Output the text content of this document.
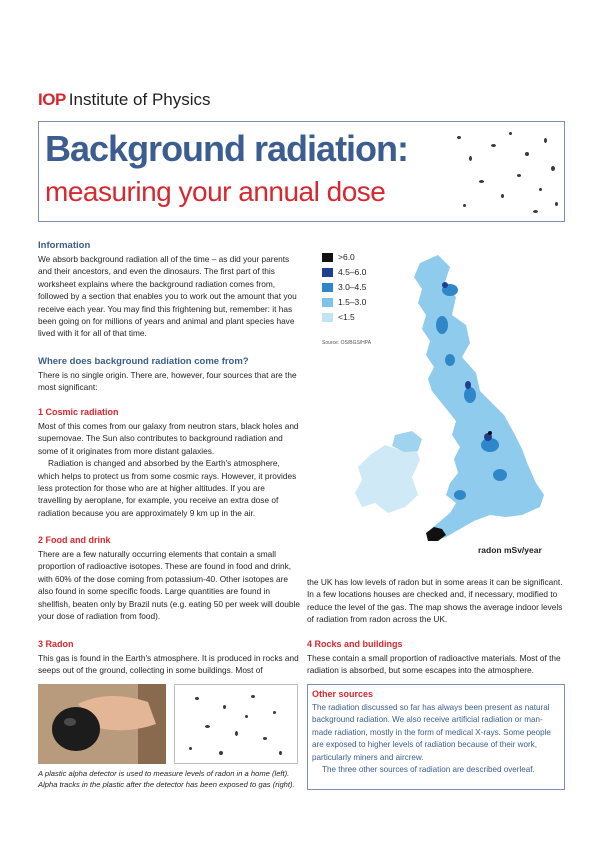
IOP Institute of Physics
Background radiation:
measuring your annual dose
Information

We absorb background radiation all of the time – as did your parents and their ancestors, and even the dinosaurs. The first part of this worksheet explains where the background radiation comes from, followed by a section that enables you to work out the amount that you receive each year. You may find this frightening but, remember: it has been going on for millions of years and animal and plant species have lived with it for all of that time.

Where does background radiation come from?

There is no single origin. There are, however, four sources that are the most significant:

1 Cosmic radiation

Most of this comes from our galaxy from neutron stars, black holes and supernovae. The Sun also contributes to background radiation and some of it originates from more distant galaxies.

Radiation is changed and absorbed by the Earth's atmosphere, which helps to protect us from some cosmic rays. However, it provides less protection for those who are at higher altitudes. If you are travelling by aeroplane, for example, you receive an extra dose of radiation because you are approximately 9 km up in the air.

2 Food and drink

There are a few naturally occurring elements that contain a small proportion of radioactive isotopes. These are found in food and drink, with 60% of the dose coming from potassium-40. Other isotopes are also found in some specific foods. Large quantities are found in shellfish, beaten only by Brazil nuts (e.g. eating 50 per week will double your dose of radiation from food).

3 Radon

This gas is found in the Earth's atmosphere. It is produced in rocks and seeps out of the ground, collecting in some buildings. Most of

the UK has low levels of radon but in some areas it can be significant. In a few locations houses are checked and, if necessary, modified to reduce the level of the gas. The map shows the average indoor levels of radiation from radon across the UK.

4 Rocks and buildings

These contain a small proportion of radioactive materials. Most of the radiation is absorbed, but some escapes into the atmosphere.

>6.0
4.5–6.0
3.0–4.5
1.5–3.0
<1.5
Source: OS/BGS/HPA
radon mSv/year
A plastic alpha detector is used to measure levels of radon in a home (left).
Alpha tracks in the plastic after the detector has been exposed to gas (right).
Other sources

The radiation discussed so far has always been present as natural background radiation. We also receive artificial radiation or man-made radiation, mostly in the form of medical X-rays. Some people are exposed to higher levels of radiation because of their work, particularly miners and aircrew.

The three other sources of radiation are described overleaf.
